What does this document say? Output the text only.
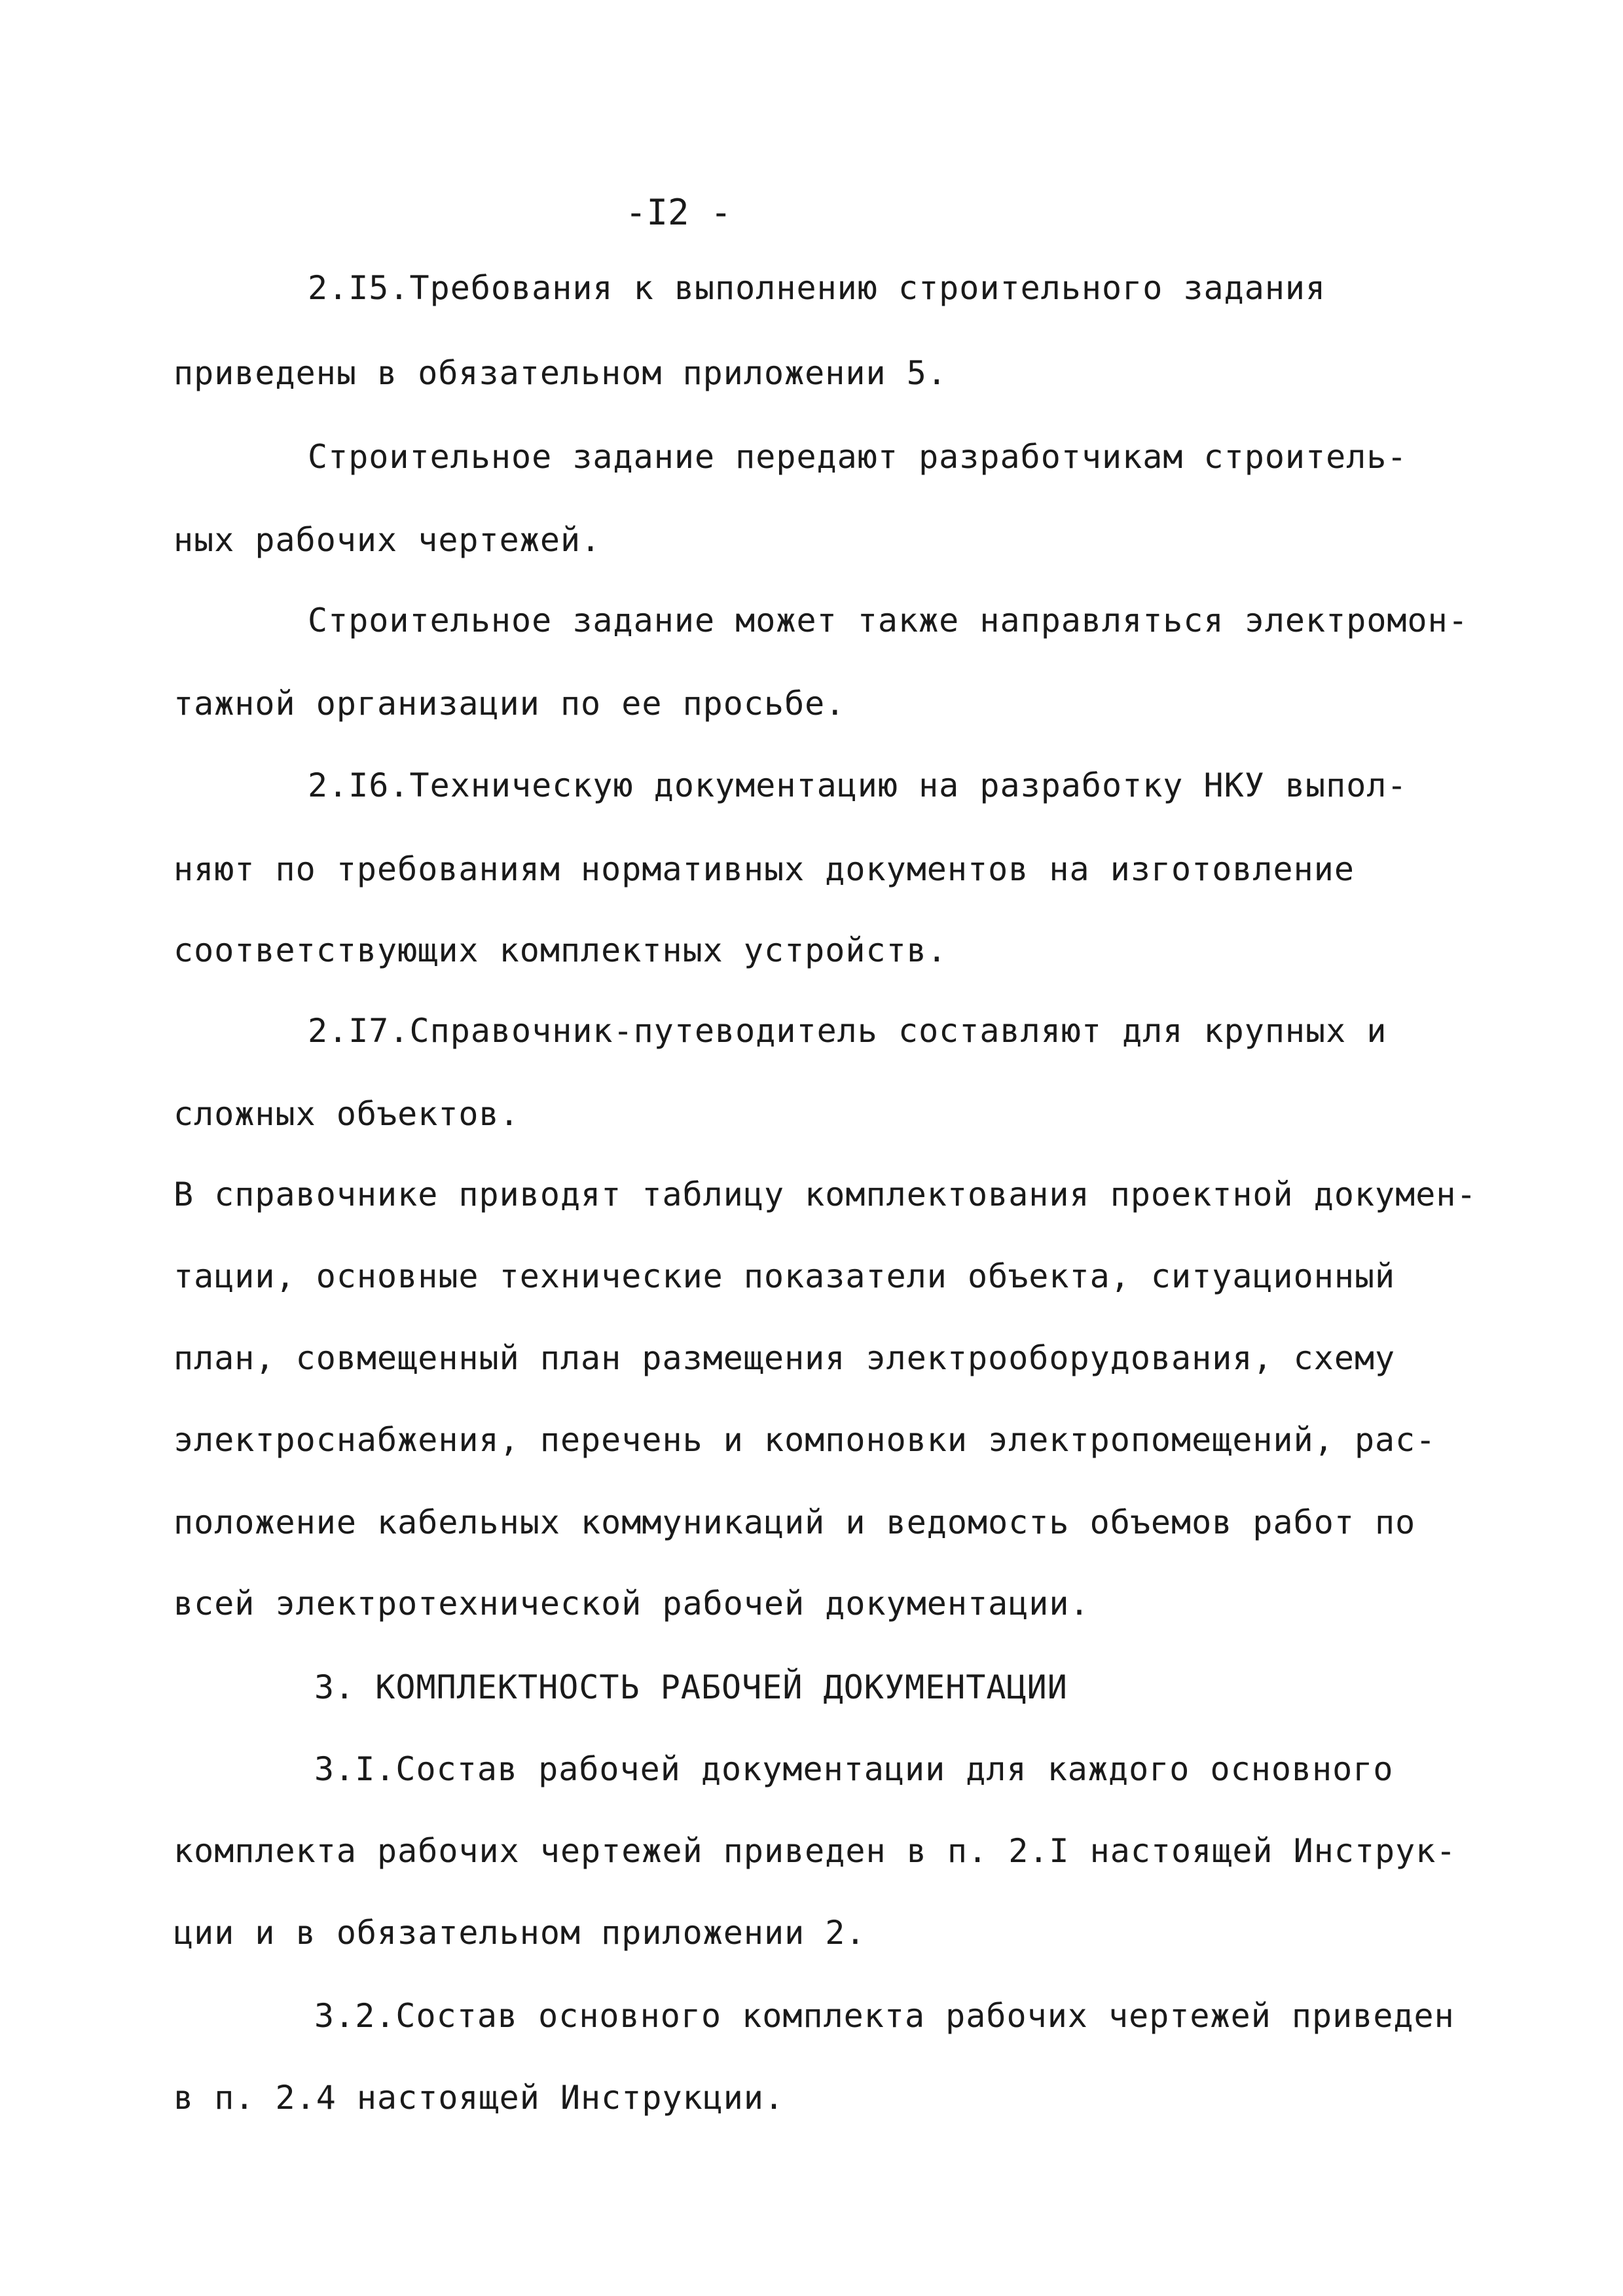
-I2 -
2.I5.Требования к выполнению строительного задания
приведены в обязательном приложении 5.
Строительное задание передают разработчикам строитель-
ных рабочих чертежей.
Строительное задание может также направляться электромон-
тажной организации по ее просьбе.
2.I6.Техническую документацию на разработку НКУ выпол-
няют по требованиям нормативных документов на изготовление
соответствующих комплектных устройств.
2.I7.Справочник-путеводитель составляют для крупных и
сложных объектов.
В справочнике приводят таблицу комплектования проектной докумен-
тации, основные технические показатели объекта, ситуационный
план, совмещенный план размещения электрооборудования, схему
электроснабжения, перечень и компоновки электропомещений, рас-
положение кабельных коммуникаций и ведомость объемов работ по
всей электротехнической рабочей документации.
3. КОМПЛЕКТНОСТЬ РАБОЧЕЙ ДОКУМЕНТАЦИИ
3.I.Состав рабочей документации для каждого основного
комплекта рабочих чертежей приведен в п. 2.I настоящей Инструк-
ции и в обязательном приложении 2.
3.2.Состав основного комплекта рабочих чертежей приведен
в п. 2.4 настоящей Инструкции.
